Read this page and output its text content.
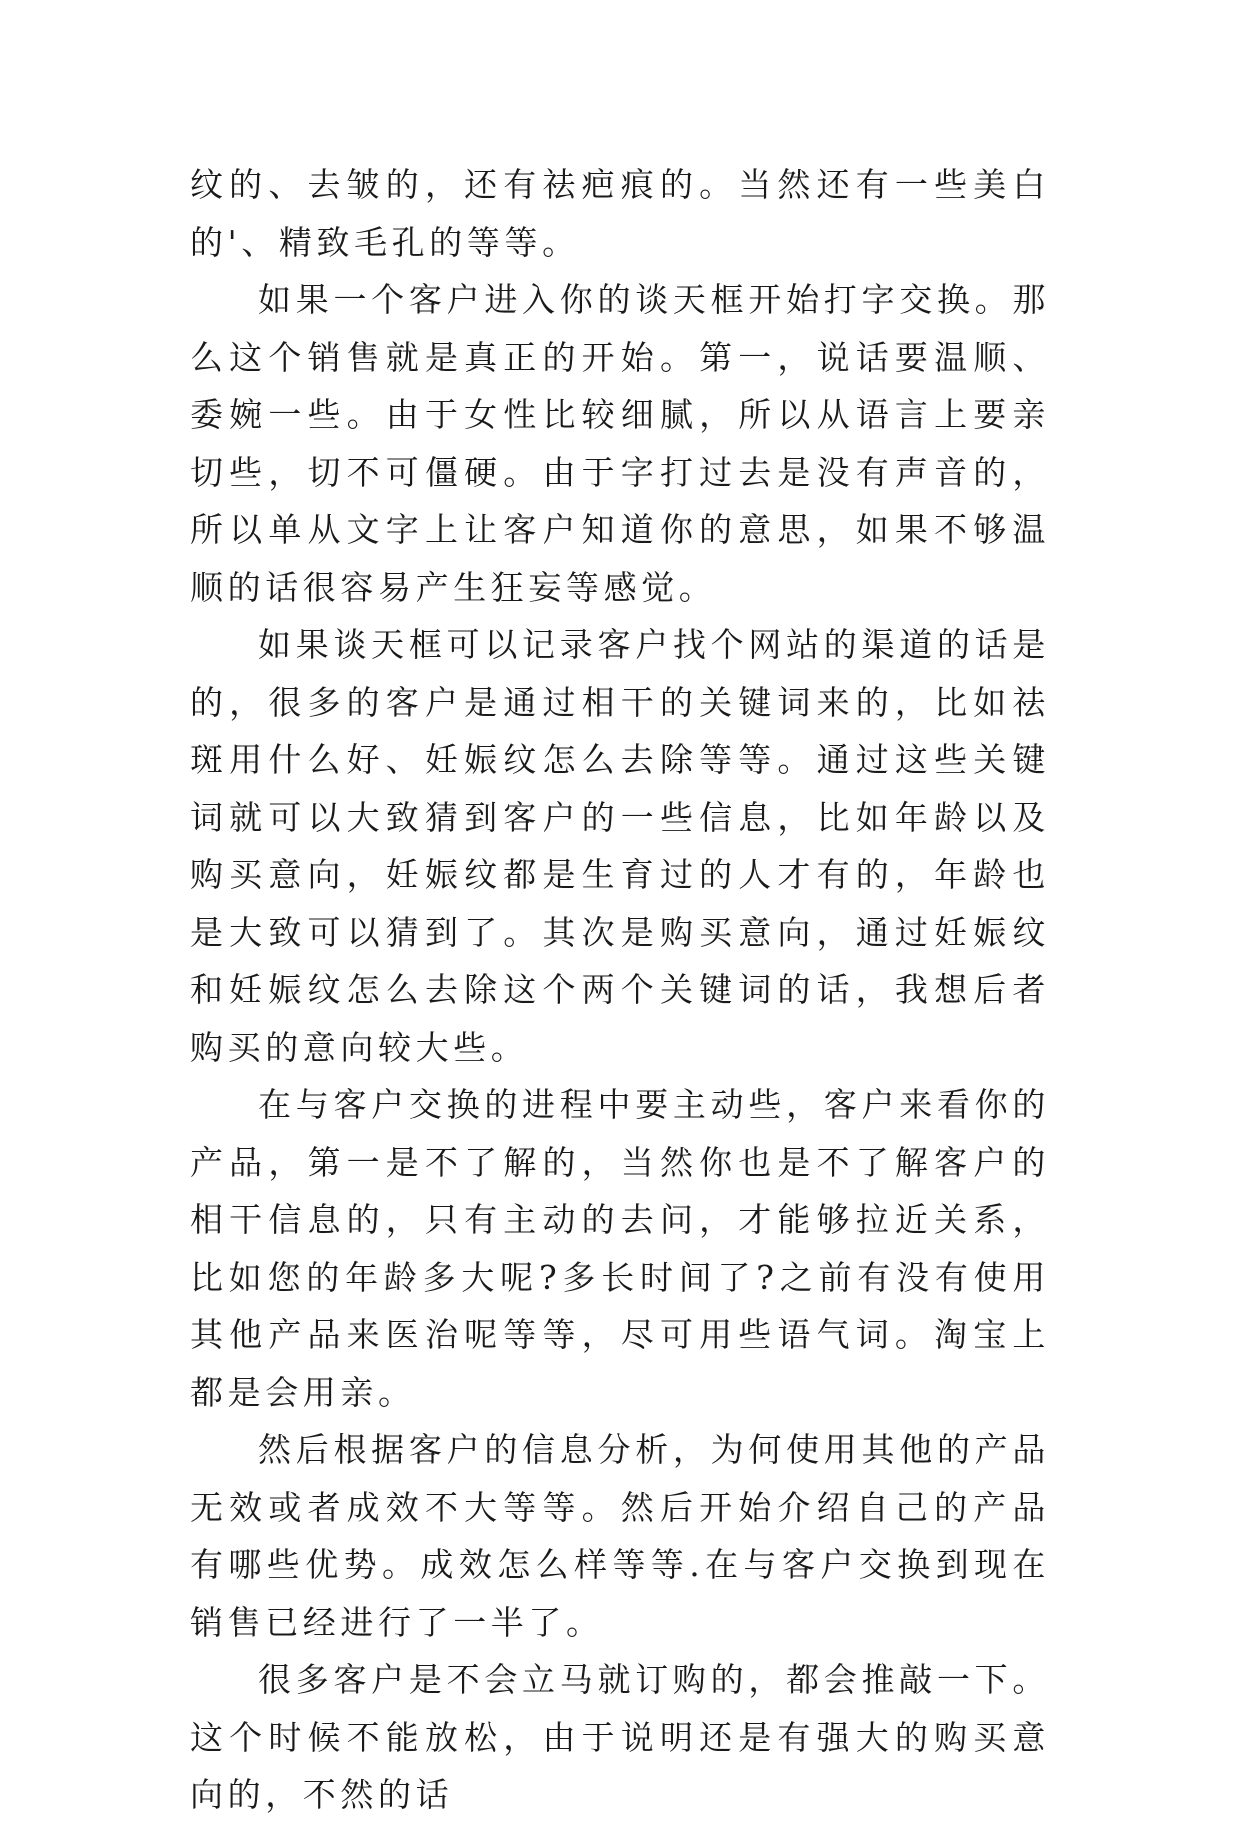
纹的、去皱的，还有祛疤痕的。当然还有一些美白的'、精致毛孔的等等。

如果一个客户进入你的谈天框开始打字交换。那么这个销售就是真正的开始。第一，说话要温顺、委婉一些。由于女性比较细腻，所以从语言上要亲切些，切不可僵硬。由于字打过去是没有声音的，所以单从文字上让客户知道你的意思，如果不够温顺的话很容易产生狂妄等感觉。

如果谈天框可以记录客户找个网站的渠道的话是的，很多的客户是通过相干的关键词来的，比如祛斑用什么好、妊娠纹怎么去除等等。通过这些关键词就可以大致猜到客户的一些信息，比如年龄以及购买意向，妊娠纹都是生育过的人才有的，年龄也是大致可以猜到了。其次是购买意向，通过妊娠纹和妊娠纹怎么去除这个两个关键词的话，我想后者购买的意向较大些。

在与客户交换的进程中要主动些，客户来看你的产品，第一是不了解的，当然你也是不了解客户的相干信息的，只有主动的去问，才能够拉近关系，比如您的年龄多大呢?多长时间了?之前有没有使用其他产品来医治呢等等，尽可用些语气词。淘宝上都是会用亲。

然后根据客户的信息分析，为何使用其他的产品无效或者成效不大等等。然后开始介绍自己的产品有哪些优势。成效怎么样等等.在与客户交换到现在销售已经进行了一半了。

很多客户是不会立马就订购的，都会推敲一下。这个时候不能放松，由于说明还是有强大的购买意向的，不然的话
